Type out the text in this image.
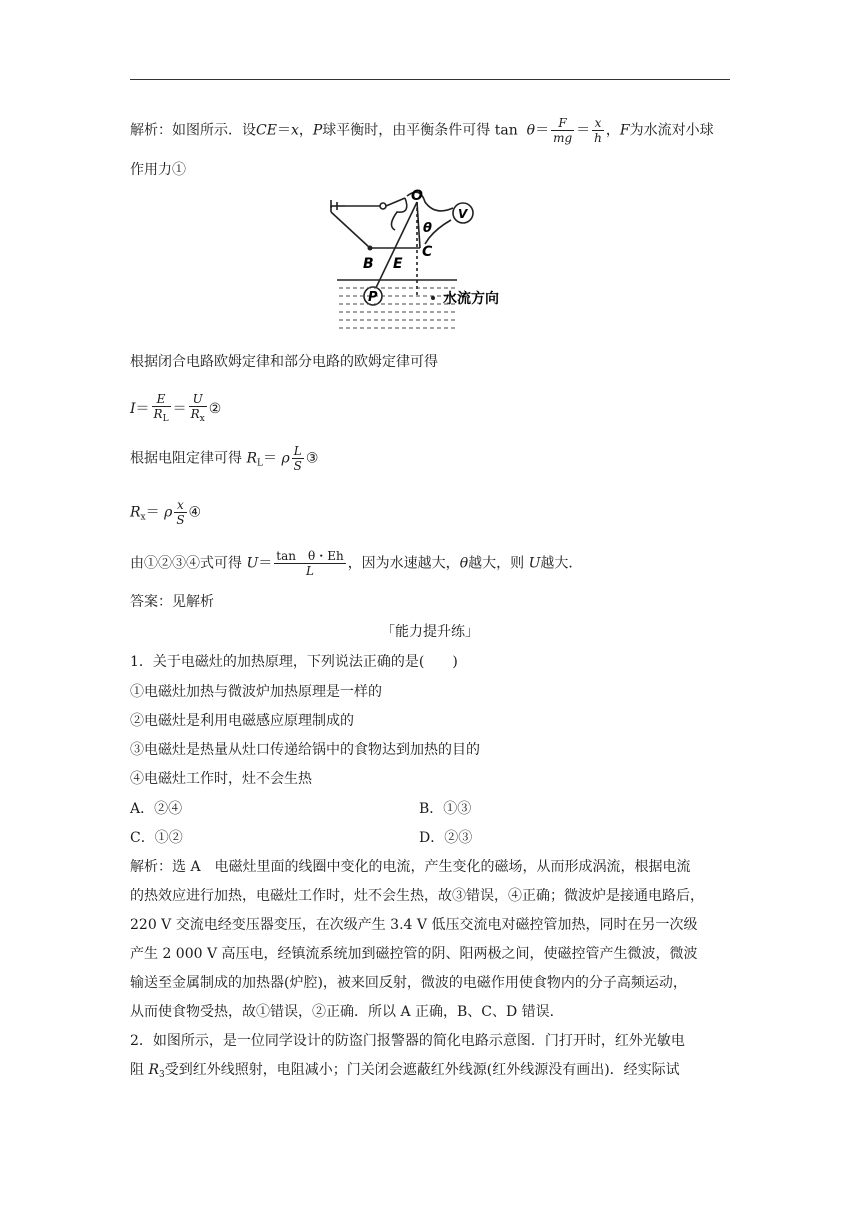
解析：如图所示．设CE＝x，P球平衡时，由平衡条件可得 $\tan \theta= \frac{F}{mg} = \frac{x}{h}$ ，F为水流对小球
作用力①
O
θ
C
B E
P
V
水流方向
根据闭合电路欧姆定律和部分电路的欧姆定律可得
$I= \frac{E}{R_L} = \frac{U}{R_x}$ ②
根据电阻定律可得 $R_L= \rho \frac{L}{S}$ ③
$R_x= \rho \frac{x}{S}$ ④
由①②③④式可得 $U= \frac{\text{tan　θ・Eh}}{L}$ ，因为水速越大，θ越大，则 U越大．
答案：见解析
「能力提升练」
1．关于电磁灶的加热原理，下列说法正确的是(　　)
①电磁灶加热与微波炉加热原理是一样的
②电磁灶是利用电磁感应原理制成的
③电磁灶是热量从灶口传递给锅中的食物达到加热的目的
④电磁灶工作时，灶不会生热
A．②④	B．①③
C．①②	D．②③
解析：选 A　电磁灶里面的线圈中变化的电流，产生变化的磁场，从而形成涡流，根据电流
的热效应进行加热，电磁灶工作时，灶不会生热，故③错误，④正确；微波炉是接通电路后，
220 V 交流电经变压器变压，在次级产生 3.4 V 低压交流电对磁控管加热，同时在另一次级
产生 2 000 V 高压电，经镇流系统加到磁控管的阴、阳两极之间，使磁控管产生微波，微波
输送至金属制成的加热器(炉腔)，被来回反射，微波的电磁作用使食物内的分子高频运动，
从而使食物受热，故①错误，②正确．所以 A 正确，B、C、D 错误．
2．如图所示，是一位同学设计的防盗门报警器的简化电路示意图．门打开时，红外光敏电
阻 $R_3$受到红外线照射，电阻减小；门关闭会遮蔽红外线源(红外线源没有画出)．经实际试
